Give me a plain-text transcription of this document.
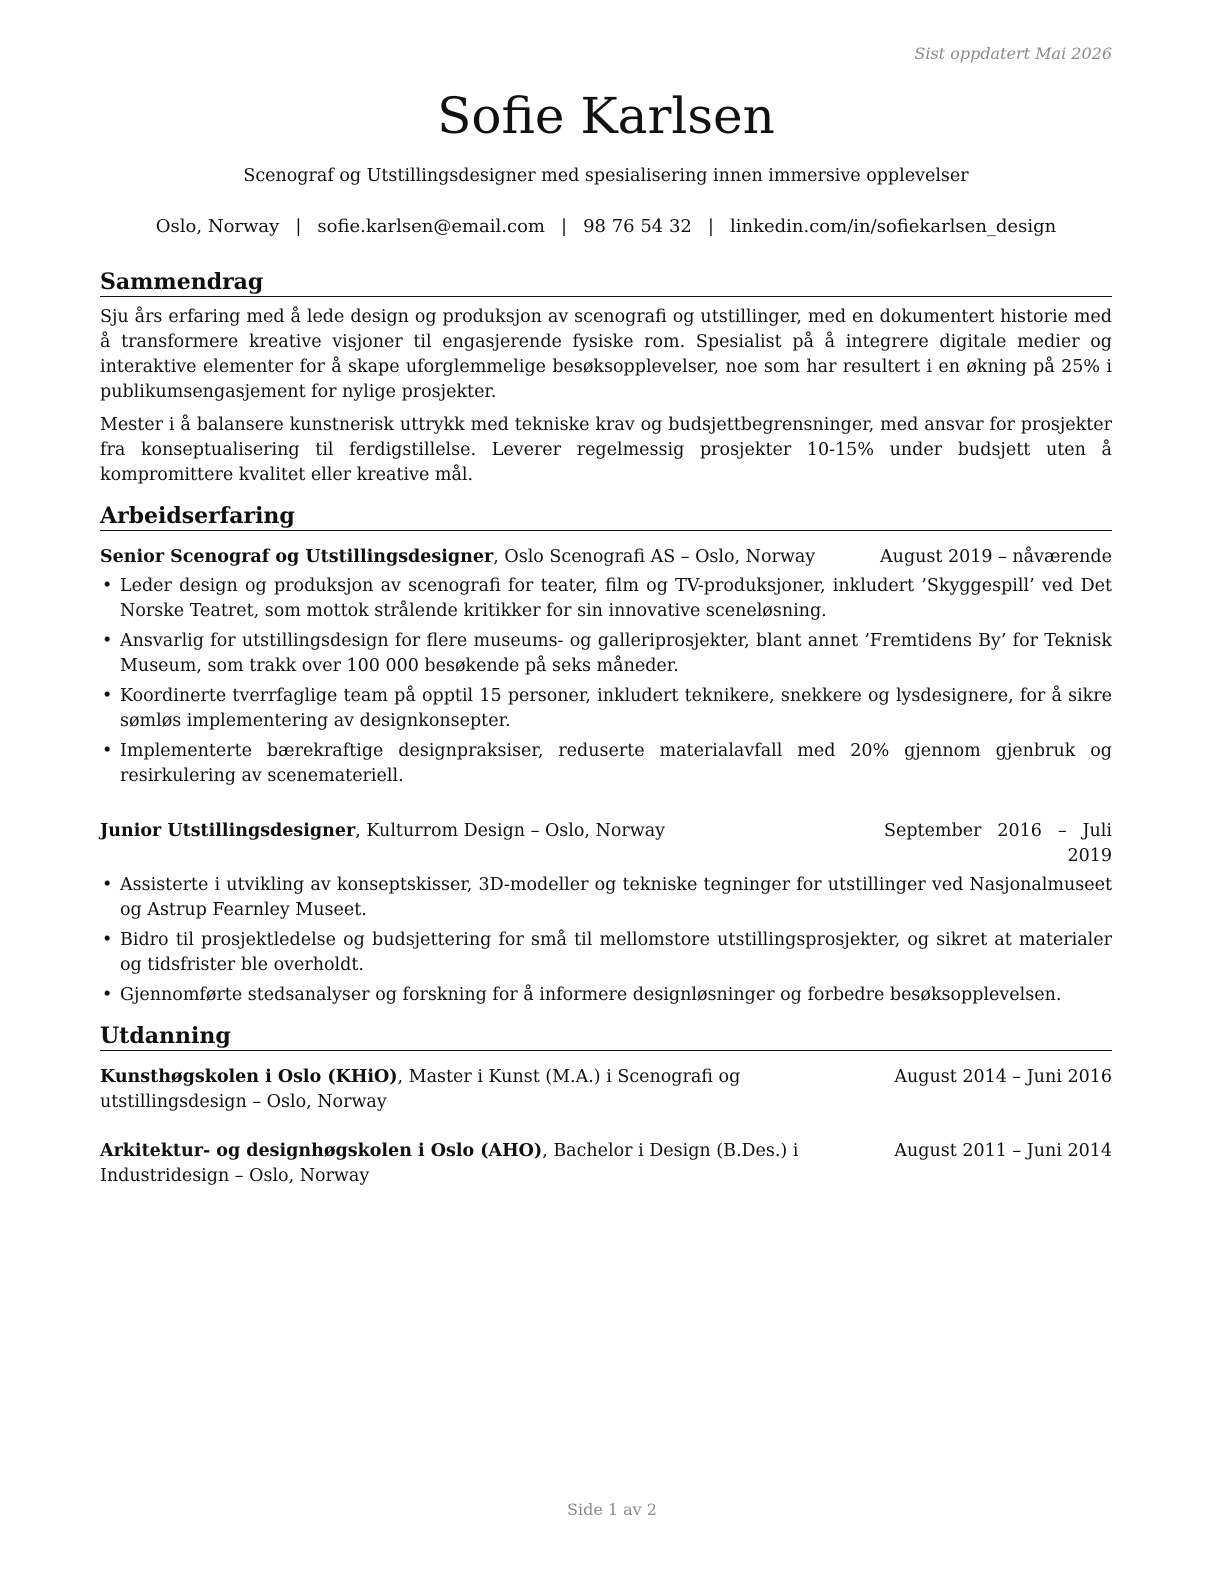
Sist oppdatert Mai 2026
Sofie Karlsen
Scenograf og Utstillingsdesigner med spesialisering innen immersive opplevelser
Oslo, Norway | sofie.karlsen@email.com | 98 76 54 32 | linkedin.com/in/sofiekarlsen_design
Sammendrag

Sju års erfaring med å lede design og produksjon av scenografi og utstillinger, med en dokumentert historie med å transformere kreative visjoner til engasjerende fysiske rom. Spesialist på å integrere digitale medier og interaktive elementer for å skape uforglemmelige besøksopplevelser, noe som har resultert i en økning på 25% i publikumsengasjement for nylige prosjekter.

Mester i å balansere kunstnerisk uttrykk med tekniske krav og budsjettbegrensninger, med ansvar for prosjekter fra konseptualisering til ferdigstillelse. Leverer regelmessig prosjekter 10-15% under budsjett uten å kompromittere kvalitet eller kreative mål.

Arbeidserfaring
Senior Scenograf og Utstillingsdesigner, Oslo Scenografi AS – Oslo, Norway	August 2019 – nåværende
• Leder design og produksjon av scenografi for teater, film og TV-produksjoner, inkludert ’Skyggespill’ ved Det Norske Teatret, som mottok strålende kritikker for sin innovative sceneløsning.
• Ansvarlig for utstillingsdesign for flere museums- og galleriprosjekter, blant annet ’Fremtidens By’ for Teknisk Museum, som trakk over 100 000 besøkende på seks måneder.
• Koordinerte tverrfaglige team på opptil 15 personer, inkludert teknikere, snekkere og lysdesignere, for å sikre sømløs implementering av designkonsepter.
• Implementerte bærekraftige designpraksiser, reduserte materialavfall med 20% gjennom gjenbruk og resirkulering av scenemateriell.
Junior Utstillingsdesigner, Kulturrom Design – Oslo, Norway	September 2016 – Juli 2019
• Assisterte i utvikling av konseptskisser, 3D-modeller og tekniske tegninger for utstillinger ved Nasjonalmuseet og Astrup Fearnley Museet.
• Bidro til prosjektledelse og budsjettering for små til mellomstore utstillingsprosjekter, og sikret at materialer og tidsfrister ble overholdt.
• Gjennomførte stedsanalyser og forskning for å informere designløsninger og forbedre besøksopplevelsen.
Utdanning
Kunsthøgskolen i Oslo (KHiO), Master i Kunst (M.A.) i Scenografi og utstillingsdesign – Oslo, Norway
August 2014 – Juni 2016
Arkitektur- og designhøgskolen i Oslo (AHO), Bachelor i Design (B.Des.) i Industridesign – Oslo, Norway
August 2011 – Juni 2014
Side 1 av 2
